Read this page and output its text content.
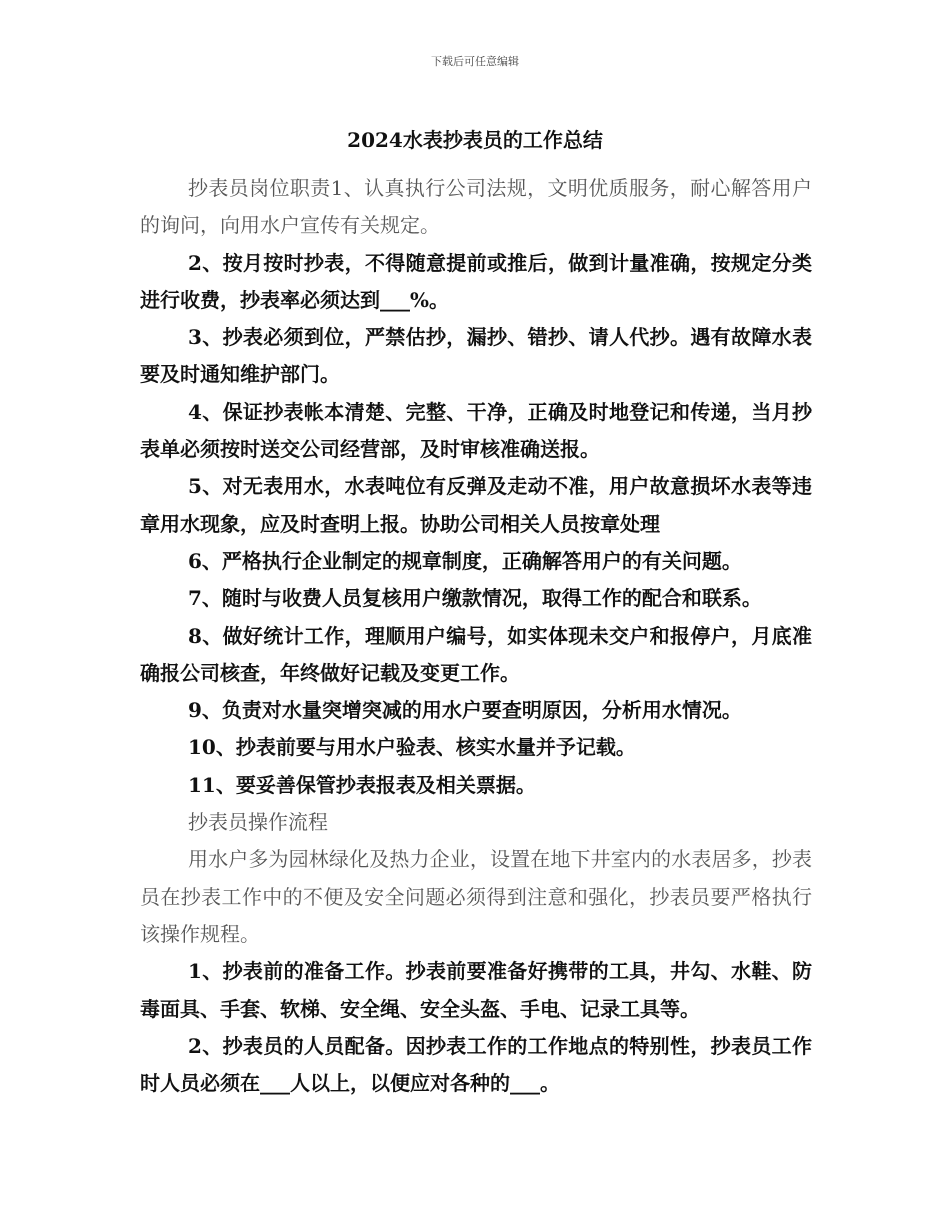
下载后可任意编辑
2024水表抄表员的工作总结

抄表员岗位职责1、认真执行公司法规，文明优质服务，耐心解答用户的询问，向用水户宣传有关规定。

2、按月按时抄表，不得随意提前或推后，做到计量准确，按规定分类进行收费，抄表率必须达到___%。

3、抄表必须到位，严禁估抄，漏抄、错抄、请人代抄。遇有故障水表要及时通知维护部门。

4、保证抄表帐本清楚、完整、干净，正确及时地登记和传递，当月抄表单必须按时送交公司经营部，及时审核准确送报。

5、对无表用水，水表吨位有反弹及走动不准，用户故意损坏水表等违章用水现象，应及时查明上报。协助公司相关人员按章处理

6、严格执行企业制定的规章制度，正确解答用户的有关问题。

7、随时与收费人员复核用户缴款情况，取得工作的配合和联系。

8、做好统计工作，理顺用户编号，如实体现未交户和报停户，月底准确报公司核查，年终做好记载及变更工作。

9、负责对水量突增突减的用水户要查明原因，分析用水情况。

10、抄表前要与用水户验表、核实水量并予记载。

11、要妥善保管抄表报表及相关票据。

抄表员操作流程

用水户多为园林绿化及热力企业，设置在地下井室内的水表居多，抄表员在抄表工作中的不便及安全问题必须得到注意和强化，抄表员要严格执行该操作规程。

1、抄表前的准备工作。抄表前要准备好携带的工具，井勾、水鞋、防毒面具、手套、软梯、安全绳、安全头盔、手电、记录工具等。

2、抄表员的人员配备。因抄表工作的工作地点的特别性，抄表员工作时人员必须在___人以上，以便应对各种的___。
